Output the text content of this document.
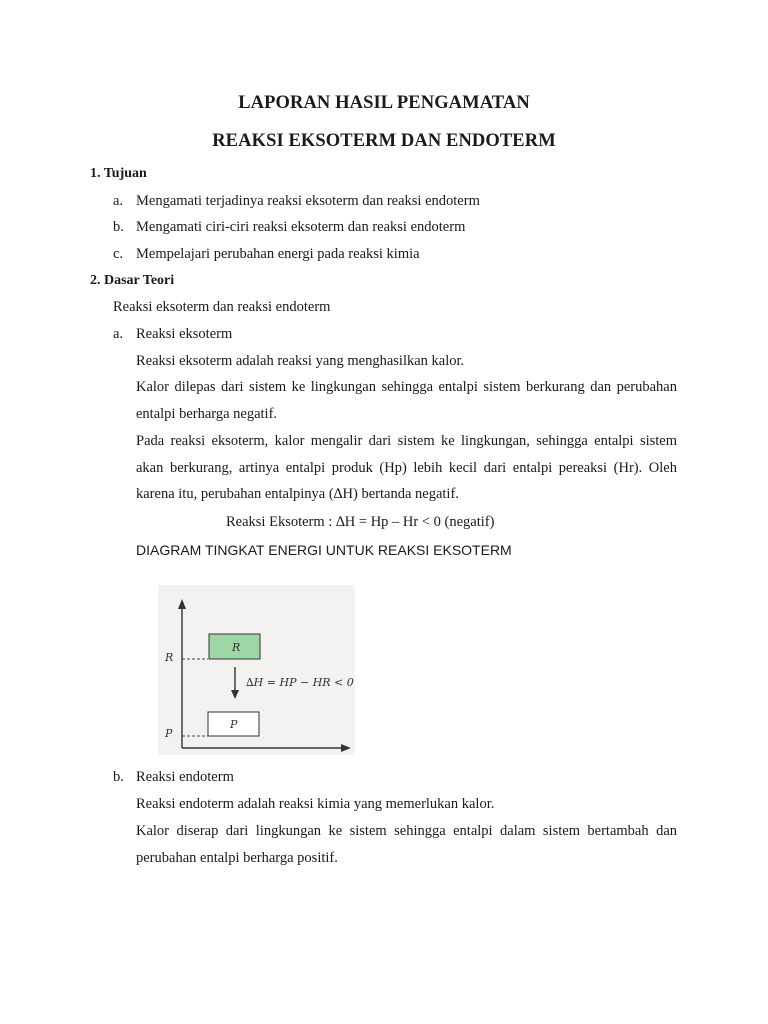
LAPORAN HASIL PENGAMATAN
REAKSI EKSOTERM DAN ENDOTERM
1. Tujuan
a. Mengamati terjadinya reaksi eksoterm dan reaksi endoterm
b. Mengamati ciri-ciri reaksi eksoterm dan reaksi endoterm
c. Mempelajari perubahan energi pada reaksi kimia
2. Dasar Teori
Reaksi eksoterm dan reaksi endoterm
a. Reaksi eksoterm
Reaksi eksoterm adalah reaksi yang menghasilkan kalor.
Kalor dilepas dari sistem ke lingkungan sehingga entalpi sistem berkurang dan perubahan
entalpi berharga negatif.
Pada reaksi eksoterm, kalor mengalir dari sistem ke lingkungan, sehingga entalpi sistem
akan berkurang, artinya entalpi produk (Hp) lebih kecil dari entalpi pereaksi (Hr). Oleh
karena itu, perubahan entalpinya (∆H) bertanda negatif.
Reaksi Eksoterm : ∆H = Hp – Hr < 0 (negatif)
DIAGRAM TINGKAT ENERGI UNTUK REAKSI EKSOTERM
R
P
R
P
∆H = HP − HR < 0
b. Reaksi endoterm
Reaksi endoterm adalah reaksi kimia yang memerlukan kalor.
Kalor diserap dari lingkungan ke sistem sehingga entalpi dalam sistem bertambah dan
perubahan entalpi berharga positif.
